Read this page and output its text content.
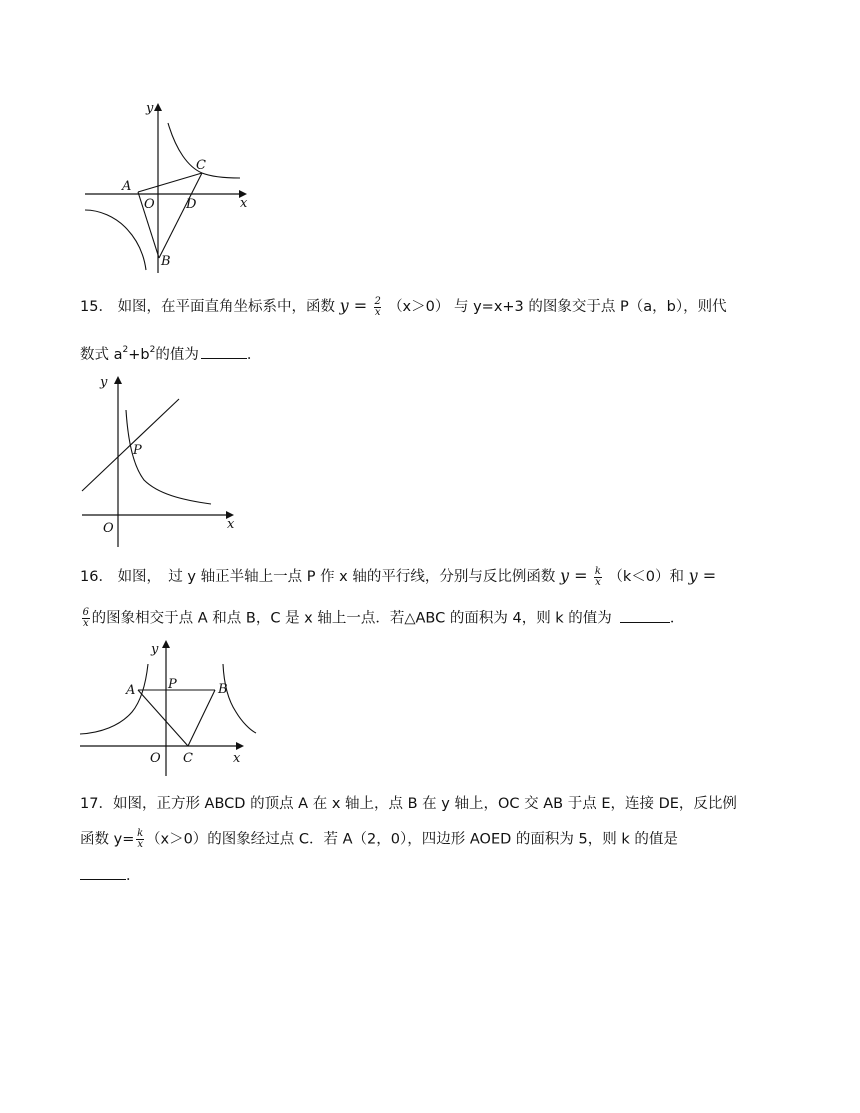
y
x
A
O D
C
B
15． 如图，在平面直角坐标系中，函数 $y = \frac{2}{x} (x>0)$ 与 y=x+3 的图象交于点 P（a，b），则代
数式 $a^2+b^2$的值为	．
y
P
O	x
16． 如图，　过 y 轴正半轴上一点 P 作 x 轴的平行线，分别与反比例函数 $y = \frac{k}{x} (k<0)$和 y =
$\frac{6}{x}$ 的图象相交于点 A 和点 B，C 是 x 轴上一点．若△ABC 的面积为 4，则 k 的值为	．
y
A	P	B
O C	x
17．如图，正方形 ABCD 的顶点 A 在 x 轴上，点 B 在 y 轴上，OC 交 AB 于点 E，连接 DE，反比例
函数 $y= \frac{k}{x} (x>0)$的图象经过点 C．若 A（2，0），四边形 AOED 的面积为 5，则 k 的值是
．
